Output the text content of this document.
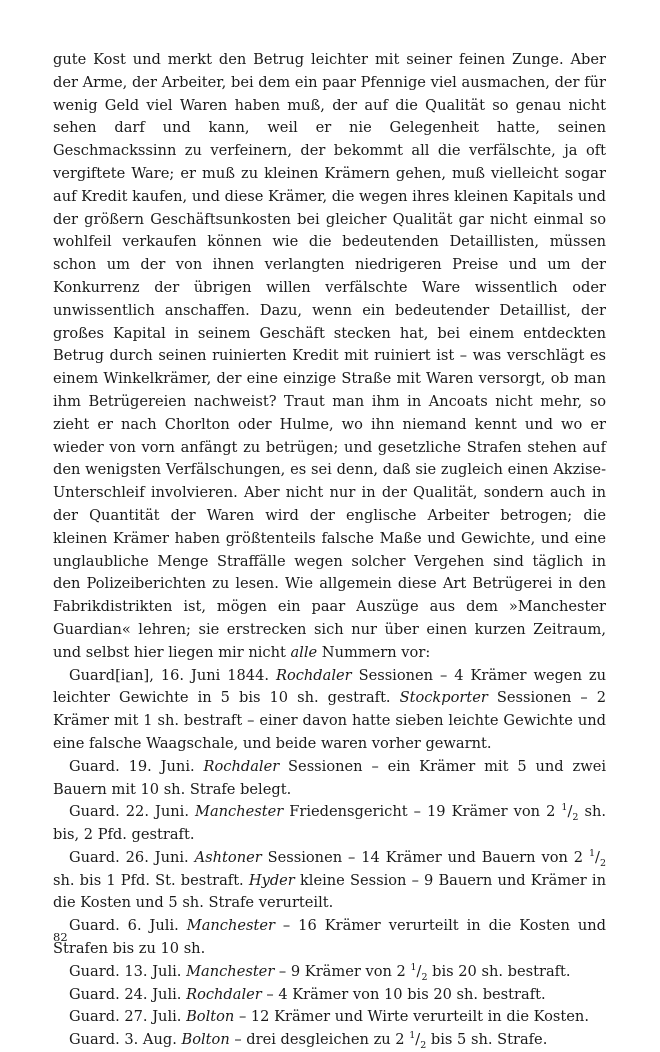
gute Kost und merkt den Betrug leichter mit seiner feinen Zunge. Aber der Arme, der Arbeiter, bei dem ein paar Pfennige viel ausmachen, der für wenig Geld viel Waren haben muß, der auf die Qualität so genau nicht sehen darf und kann, weil er nie Gelegenheit hatte, seinen Geschmackssinn zu verfeinern, der bekommt all die verfälschte, ja oft vergiftete Ware; er muß zu kleinen Krämern gehen, muß vielleicht sogar auf Kredit kaufen, und diese Krämer, die wegen ihres kleinen Kapitals und der größern Geschäftsunkosten bei gleicher Qualität gar nicht einmal so wohlfeil verkaufen können wie die bedeutenden Detaillisten, müssen schon um der von ihnen verlangten niedrigeren Preise und um der Konkurrenz der übrigen willen verfälschte Ware wissentlich oder unwissentlich anschaffen. Dazu, wenn ein bedeutender Detaillist, der großes Kapital in seinem Geschäft stecken hat, bei einem entdeckten Betrug durch seinen ruinierten Kredit mit ruiniert ist – was verschlägt es einem Winkelkrämer, der eine einzige Straße mit Waren versorgt, ob man ihm Betrügereien nachweist? Traut man ihm in Ancoats nicht mehr, so zieht er nach Chorlton oder Hulme, wo ihn niemand kennt und wo er wieder von vorn anfängt zu betrügen; und gesetzliche Strafen stehen auf den wenigsten Verfälschungen, es sei denn, daß sie zugleich einen Akzise-Unterschleif involvieren. Aber nicht nur in der Qualität, sondern auch in der Quantität der Waren wird der englische Arbeiter betrogen; die kleinen Krämer haben größtenteils falsche Maße und Gewichte, und eine unglaubliche Menge Straffälle wegen solcher Vergehen sind täglich in den Polizeiberichten zu lesen. Wie allgemein diese Art Betrügerei in den Fabrikdistrikten ist, mögen ein paar Auszüge aus dem »Manchester Guardian« lehren; sie erstrecken sich nur über einen kurzen Zeitraum, und selbst hier liegen mir nicht alle Nummern vor:

Guard[ian], 16. Juni 1844. Rochdaler Sessionen – 4 Krämer wegen zu leichter Gewichte in 5 bis 10 sh. gestraft. Stockporter Sessionen – 2 Krämer mit 1 sh. bestraft – einer davon hatte sieben leichte Gewichte und eine falsche Waagschale, und beide waren vorher gewarnt.

Guard. 19. Juni. Rochdaler Sessionen – ein Krämer mit 5 und zwei Bauern mit 10 sh. Strafe belegt.

Guard. 22. Juni. Manchester Friedensgericht – 19 Krämer von 2 $^1/_2$ sh. bis, 2 Pfd. gestraft.

Guard. 26. Juni. Ashtoner Sessionen – 14 Krämer und Bauern von 2 $^1/_2$ sh. bis 1 Pfd. St. bestraft. Hyder kleine Session – 9 Bauern und Krämer in die Kosten und 5 sh. Strafe verurteilt.

Guard. 6. Juli. Manchester – 16 Krämer verurteilt in die Kosten und Strafen bis zu 10 sh.

Guard. 13. Juli. Manchester – 9 Krämer von 2 $^1/_2$ bis 20 sh. bestraft.

Guard. 24. Juli. Rochdaler – 4 Krämer von 10 bis 20 sh. bestraft.

Guard. 27. Juli. Bolton – 12 Krämer und Wirte verurteilt in die Kosten.

Guard. 3. Aug. Bolton – drei desgleichen zu 2 $^1/_2$ bis 5 sh. Strafe.

82
